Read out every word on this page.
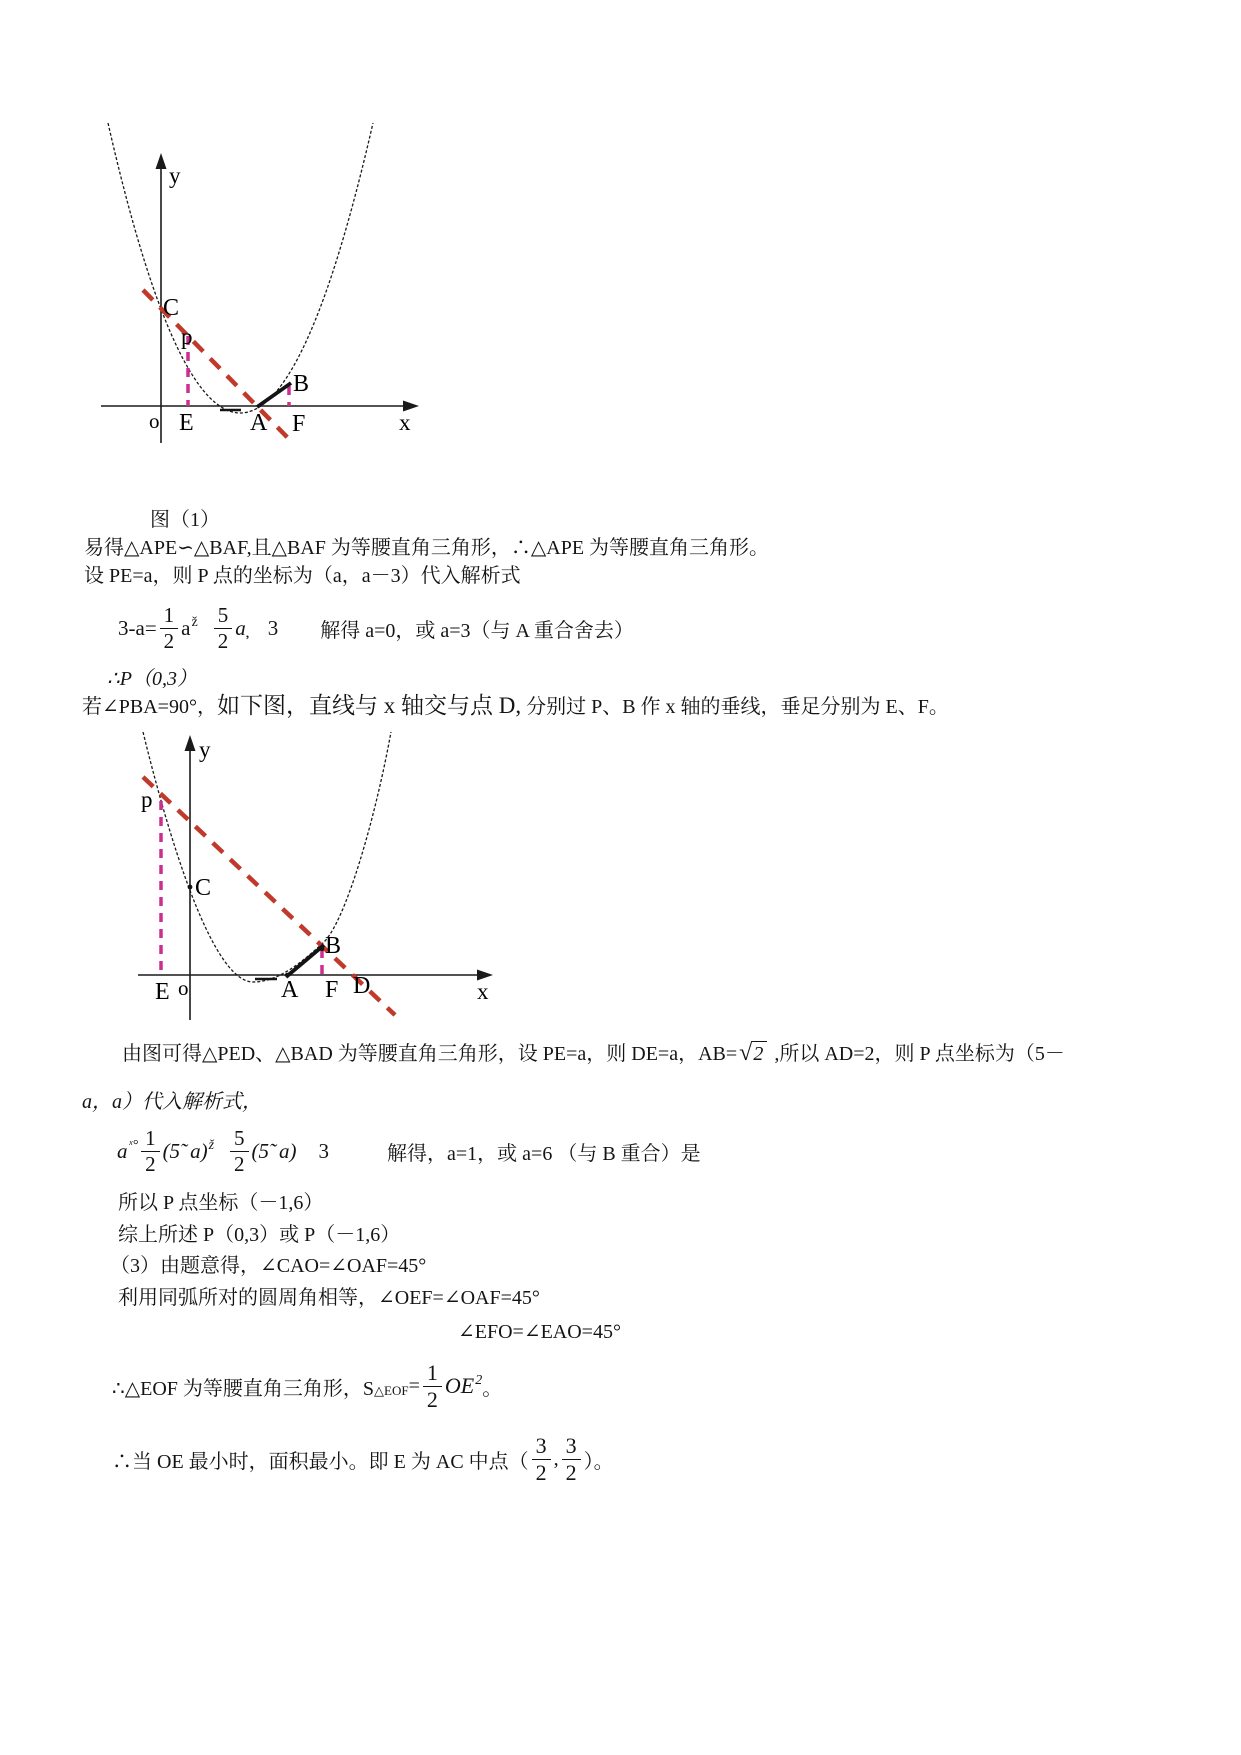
y
x
o
C
p
E A F
B
图（1）
易得△APE∽△BAF,且△BAF 为等腰直角三角形，∴△APE 为等腰直角三角形。
设 PE=a，则 P 点的坐标为（a，a－3）代入解析式
$3-a= \frac{1}{2} a^ž \frac{5}{2}$ a̦ 3 解得 a=0，或 a=3（与 A 重合舍去）
∴P（0,3）
若∠PBA=90°，如下图，直线与 x 轴交与点 D, 分别过 P、B 作 x 轴的垂线，垂足分别为 E、F。
y
x
o
p
C
E	A F D
B
由图可得△PED、△BAD 为等腰直角三角形，设 PE=a，则 DE=a，AB= √ 2 ,所以 AD=2，则 P 点坐标为（5－
a，a）代入解析式，
$a^{ˣ^\circ} \frac{1}{2}$ (5̃ $a)^ž \frac{5}{2}$ (5̃ a) 3	解得，a=1，或 a=6 （与 B 重合）是
所以 P 点坐标（－1,6）
综上所述 P（0,3）或 P（－1,6）
（3）由题意得，∠CAO=∠OAF=45°
利用同弧所对的圆周角相等，∠OEF=∠OAF=45°
∠EFO=∠EAO=45°
∴△EOF 为等腰直角三角形，S △EOF = $\frac{1}{2} OE^2$ 。
∴当 OE 最小时，面积最小。即 E 为 AC 中点（ $\frac{3}{2}$ , $\frac{3}{2}$ ）。
